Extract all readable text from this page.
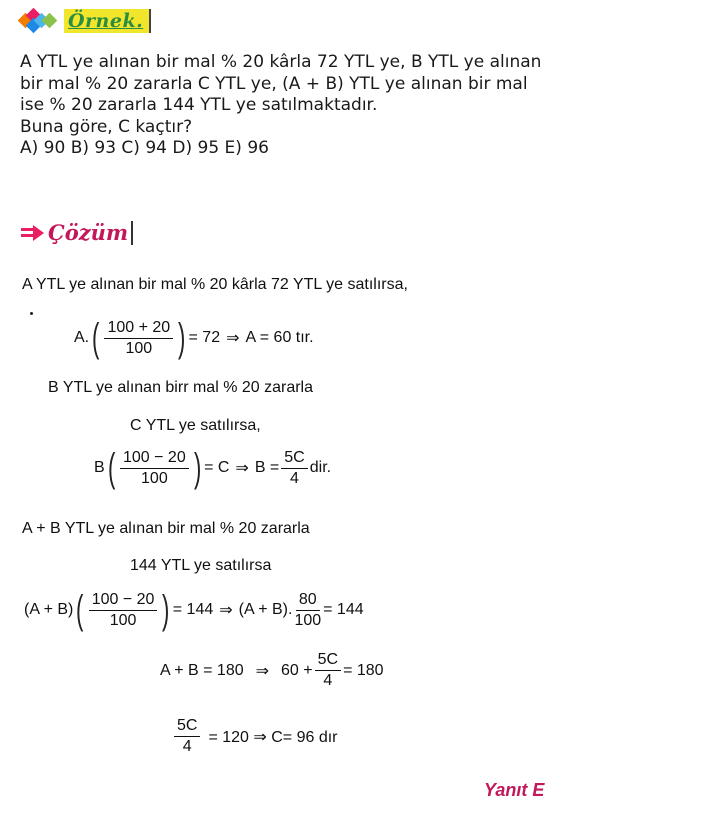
Örnek.
A YTL ye alınan bir mal % 20 kârla 72 YTL ye, B YTL ye alınan
bir mal % 20 zararla C YTL ye, (A + B) YTL ye alınan bir mal
ise % 20 zararla 144 YTL ye satılmaktadır.
Buna göre, C kaçtır?
A) 90 B) 93 C) 94 D) 95 E) 96
Çözüm
A YTL ye alınan bir mal % 20 kârla 72 YTL ye satılırsa,
A. ( $\frac{100 + 20}{100}$ ) = 72 ⇒ A = 60 tır.
B YTL ye alınan birr mal % 20 zararla
C YTL ye satılırsa,
B ( $\frac{100 - 20}{100}$ ) = C ⇒ $B = \frac{5C}{4}$ dir.
A + B YTL ye alınan bir mal % 20 zararla
144 YTL ye satılırsa
(A + B) ( $\frac{100 - 20}{100}$ ) = 144 ⇒ (A + B). $\frac{80}{100} = 144$
A + B = 180 ⇒ $60 + \frac{5C}{4} = 180$
$\frac{5C}{4} = 120$ ⇒ C= 96 dır
Yanıt E
